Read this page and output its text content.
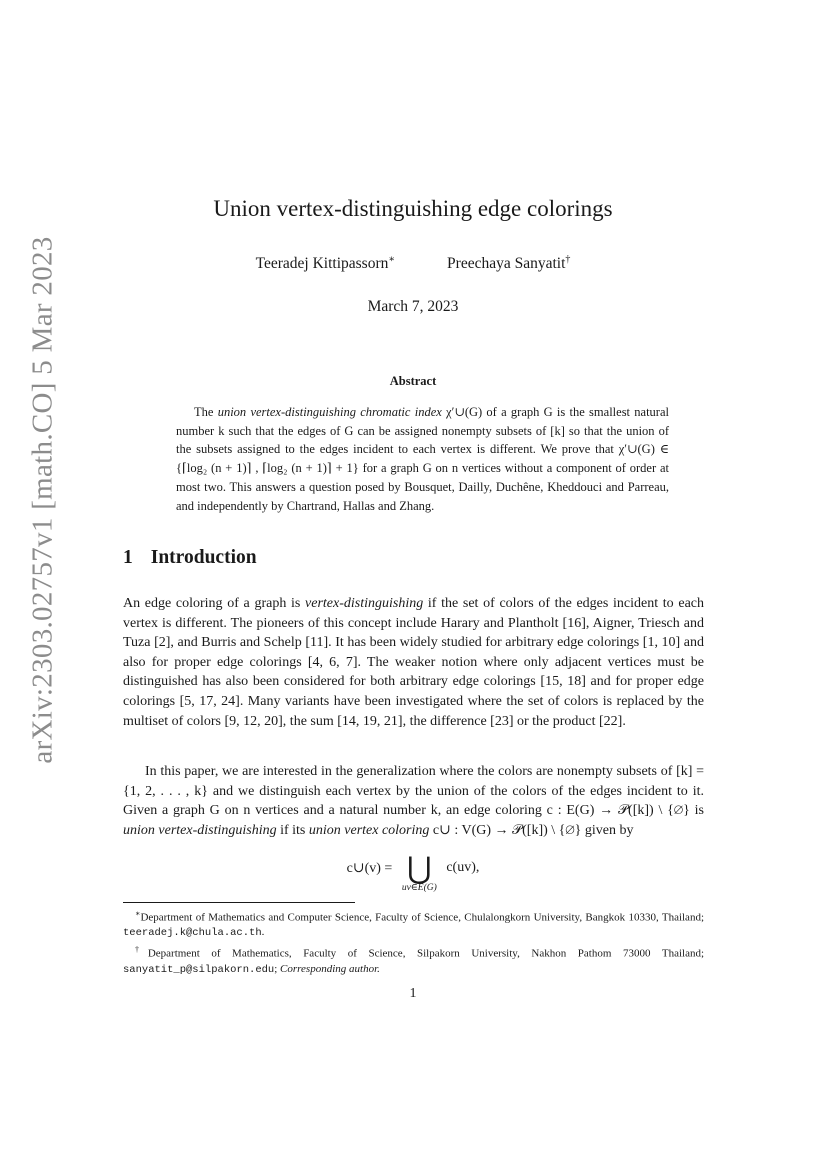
arXiv:2303.02757v1 [math.CO] 5 Mar 2023
Union vertex-distinguishing edge colorings
Teeradej Kittipassorn∗	Preechaya Sanyatit†
March 7, 2023
Abstract

The union vertex-distinguishing chromatic index χ′∪(G) of a graph G is the smallest natural number k such that the edges of G can be assigned nonempty subsets of [k] so that the union of the subsets assigned to the edges incident to each vertex is different. We prove that χ′∪(G) ∈ {⌈log₂ (n + 1)⌉ , ⌈log₂ (n + 1)⌉ + 1} for a graph G on n vertices without a component of order at most two. This answers a question posed by Bousquet, Dailly, Duchêne, Kheddouci and Parreau, and independently by Chartrand, Hallas and Zhang.

1 Introduction

An edge coloring of a graph is vertex-distinguishing if the set of colors of the edges incident to each vertex is different. The pioneers of this concept include Harary and Plantholt [16], Aigner, Triesch and Tuza [2], and Burris and Schelp [11]. It has been widely studied for arbitrary edge colorings [1, 10] and also for proper edge colorings [4, 6, 7]. The weaker notion where only adjacent vertices must be distinguished has also been considered for both arbitrary edge colorings [15, 18] and for proper edge colorings [5, 17, 24]. Many variants have been investigated where the set of colors is replaced by the multiset of colors [9, 12, 20], the sum [14, 19, 21], the difference [23] or the product [22].

In this paper, we are interested in the generalization where the colors are nonempty subsets of [k] = {1, 2, . . . , k} and we distinguish each vertex by the union of the colors of the edges incident to it. Given a graph G on n vertices and a natural number k, an edge coloring c : E(G) → 𝒫([k]) \ {∅} is union vertex-distinguishing if its union vertex coloring c∪ : V(G) → 𝒫([k]) \ {∅} given by

c∪(v) = ⋃
uv∈E(G)
c(uv),

∗Department of Mathematics and Computer Science, Faculty of Science, Chulalongkorn University, Bangkok 10330, Thailand; teeradej.k@chula.ac.th.

†Department of Mathematics, Faculty of Science, Silpakorn University, Nakhon Pathom 73000 Thailand; sanyatit_p@silpakorn.edu; Corresponding author.

1
